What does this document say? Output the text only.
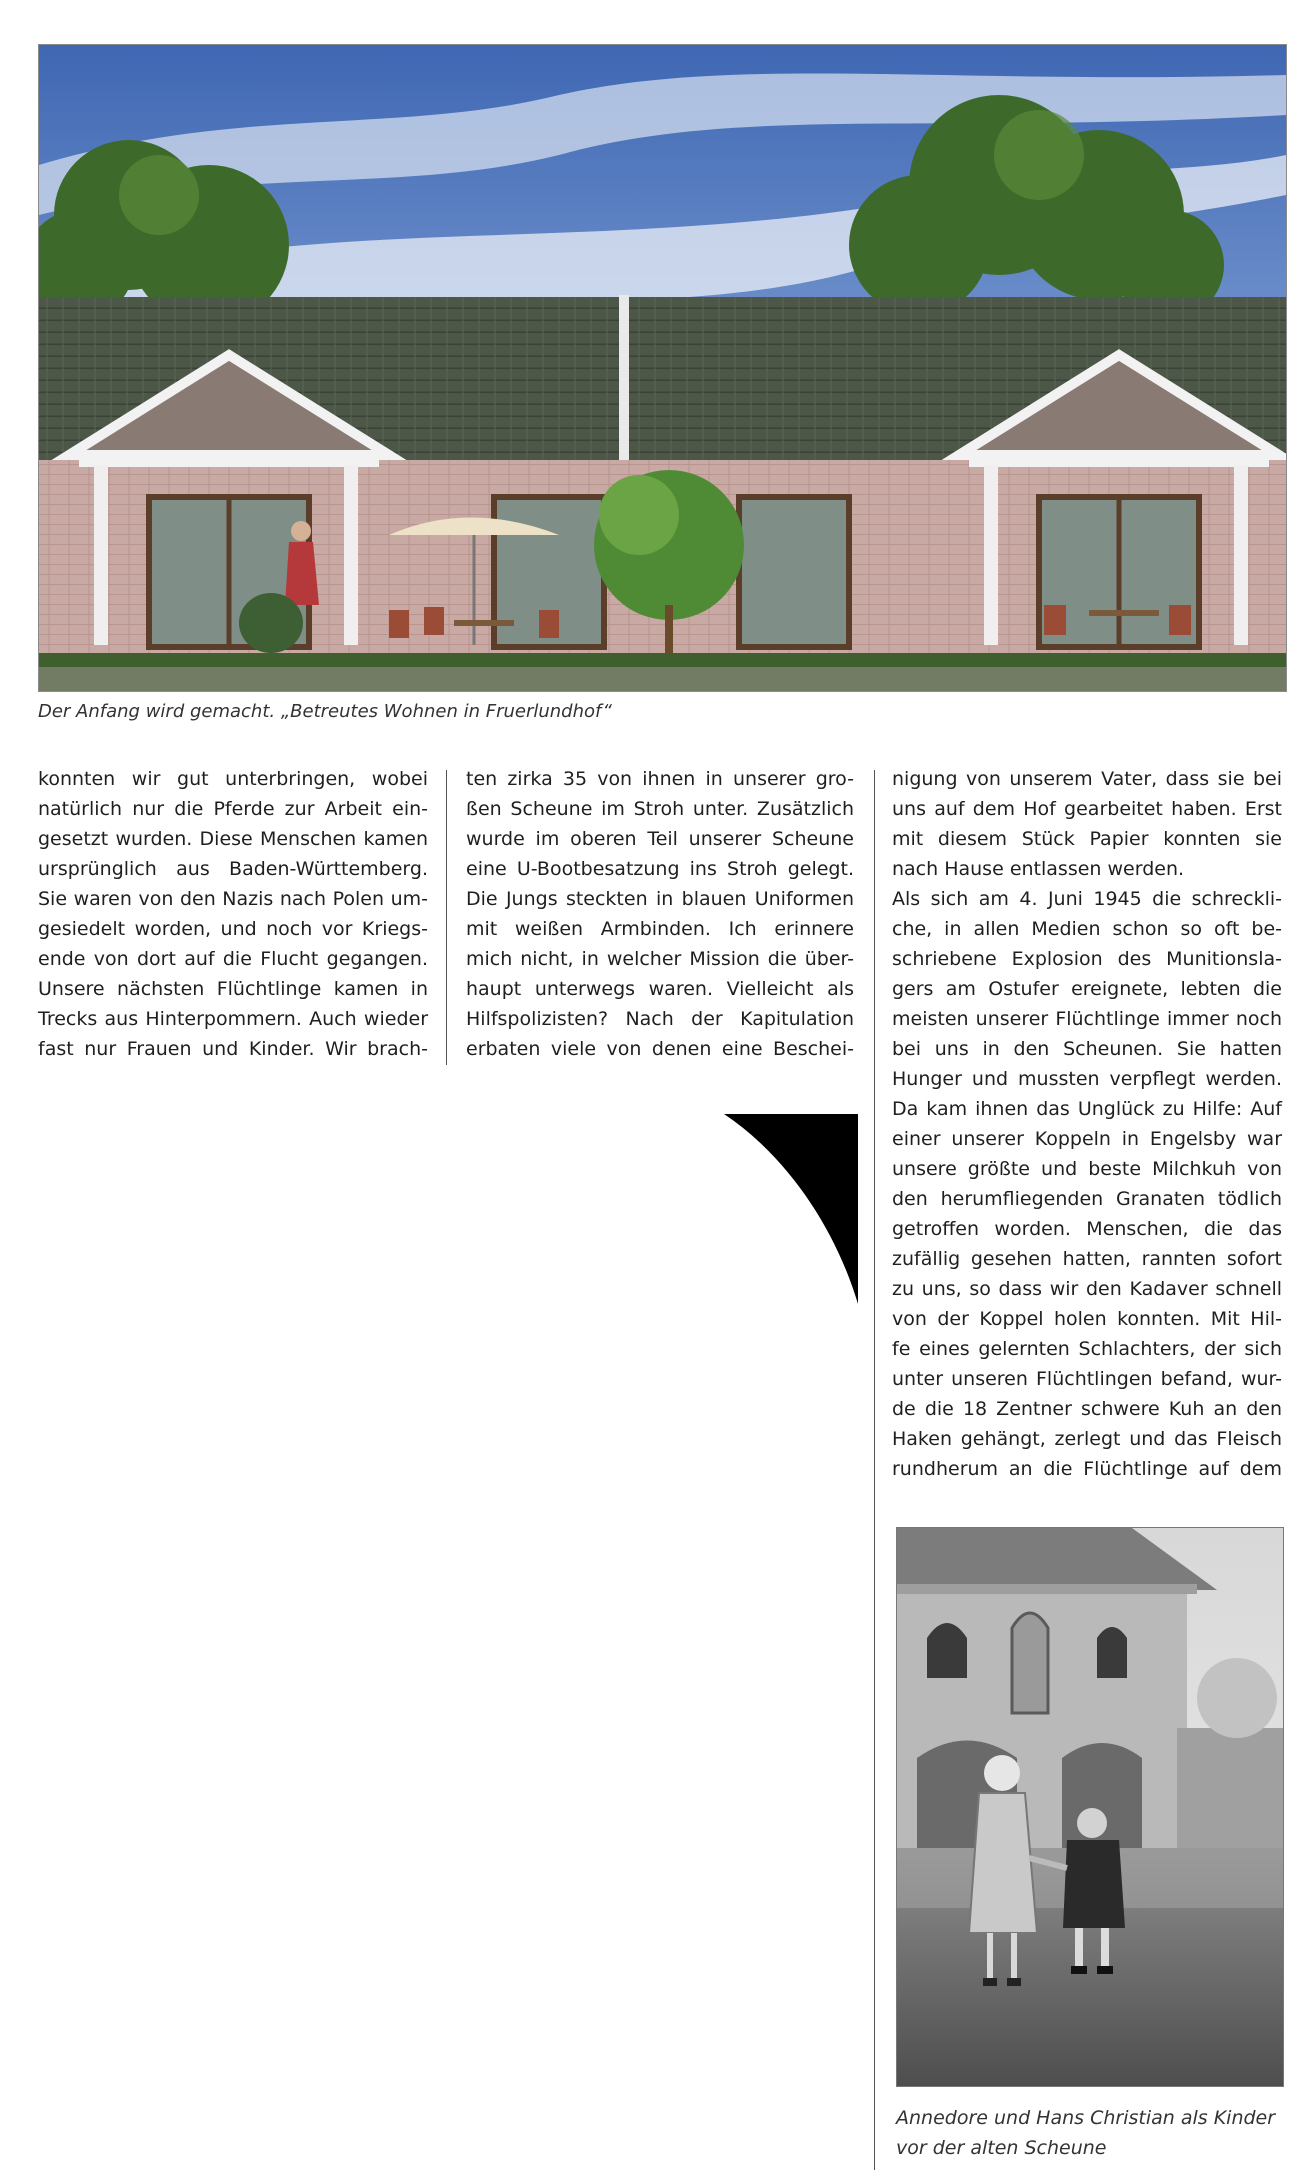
Der Anfang wird gemacht. „Betreutes Wohnen in Fruerlundhof“
konnten wir gut unterbringen, wobei
natürlich nur die Pferde zur Arbeit ein-
gesetzt wurden. Diese Menschen kamen
ursprünglich aus Baden-Württemberg.
Sie waren von den Nazis nach Polen um-
gesiedelt worden, und noch vor Kriegs-
ende von dort auf die Flucht gegangen.
Unsere nächsten Flüchtlinge kamen in
Trecks aus Hinterpommern. Auch wieder
fast nur Frauen und Kinder. Wir brach-
ten zirka 35 von ihnen in unserer gro-
ßen Scheune im Stroh unter. Zusätzlich
wurde im oberen Teil unserer Scheune
eine U-Bootbesatzung ins Stroh gelegt.
Die Jungs steckten in blauen Uniformen
mit weißen Armbinden. Ich erinnere
mich nicht, in welcher Mission die über-
haupt unterwegs waren. Vielleicht als
Hilfspolizisten? Nach der Kapitulation
erbaten viele von denen eine Beschei-
nigung von unserem Vater, dass sie bei
uns auf dem Hof gearbeitet haben. Erst
mit diesem Stück Papier konnten sie
nach Hause entlassen werden.
Als sich am 4. Juni 1945 die schreckli-
che, in allen Medien schon so oft be-
schriebene Explosion des Munitionsla-
gers am Ostufer ereignete, lebten die
meisten unserer Flüchtlinge immer noch
bei uns in den Scheunen. Sie hatten
Hunger und mussten verpflegt werden.
Da kam ihnen das Unglück zu Hilfe: Auf
einer unserer Koppeln in Engelsby war
unsere größte und beste Milchkuh von
den herumfliegenden Granaten tödlich
getroffen worden. Menschen, die das
zufällig gesehen hatten, rannten sofort
zu uns, so dass wir den Kadaver schnell
von der Koppel holen konnten. Mit Hil-
fe eines gelernten Schlachters, der sich
unter unseren Flüchtlingen befand, wur-
de die 18 Zentner schwere Kuh an den
Haken gehängt, zerlegt und das Fleisch
rundherum an die Flüchtlinge auf dem
Annedore und Hans Christian als Kinder
vor der alten Scheune
